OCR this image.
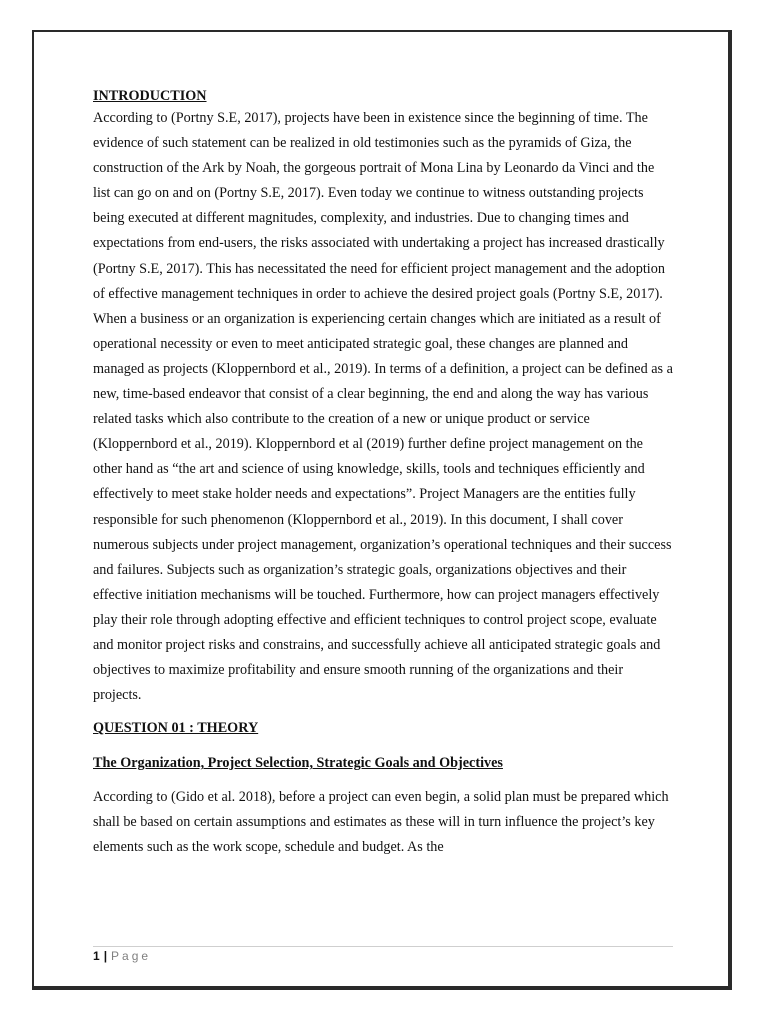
INTRODUCTION

According to (Portny S.E, 2017), projects have been in existence since the beginning of time. The evidence of such statement can be realized in old testimonies such as the pyramids of Giza, the construction of the Ark by Noah, the gorgeous portrait of Mona Lina by Leonardo da Vinci and the list can go on and on (Portny S.E, 2017). Even today we continue to witness outstanding projects being executed at different magnitudes, complexity, and industries. Due to changing times and expectations from end-users, the risks associated with undertaking a project has increased drastically (Portny S.E, 2017). This has necessitated the need for efficient project management and the adoption of effective management techniques in order to achieve the desired project goals (Portny S.E, 2017).

When a business or an organization is experiencing certain changes which are initiated as a result of operational necessity or even to meet anticipated strategic goal, these changes are planned and managed as projects (Kloppernbord et al., 2019). In terms of a definition, a project can be defined as a new, time-based endeavor that consist of a clear beginning, the end and along the way has various related tasks which also contribute to the creation of a new or unique product or service (Kloppernbord et al., 2019). Kloppernbord et al (2019) further define project management on the other hand as “the art and science of using knowledge, skills, tools and techniques efficiently and effectively to meet stake holder needs and expectations”. Project Managers are the entities fully responsible for such phenomenon (Kloppernbord et al., 2019). In this document, I shall cover numerous subjects under project management, organization’s operational techniques and their success and failures. Subjects such as organization’s strategic goals, organizations objectives and their effective initiation mechanisms will be touched. Furthermore, how can project managers effectively play their role through adopting effective and efficient techniques to control project scope, evaluate and monitor project risks and constrains, and successfully achieve all anticipated strategic goals and objectives to maximize profitability and ensure smooth running of the organizations and their projects.

QUESTION 01 : THEORY

The Organization, Project Selection, Strategic Goals and Objectives

According to (Gido et al. 2018), before a project can even begin, a solid plan must be prepared which shall be based on certain assumptions and estimates as these will in turn influence the project’s key elements such as the work scope, schedule and budget. As the

1 | Page
